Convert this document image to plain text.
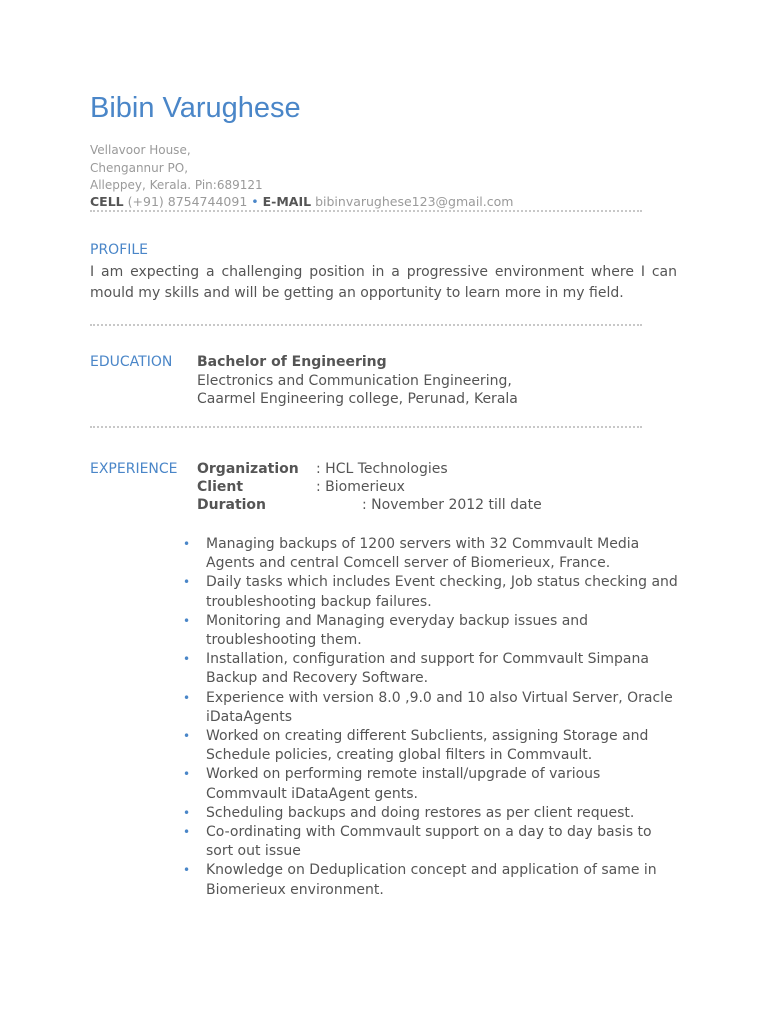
Bibin Varughese
Vellavoor House,
Chengannur PO,
Alleppey, Kerala. Pin:689121
CELL (+91) 8754744091 • E-MAIL bibinvarughese123@gmail.com
PROFILE

I am expecting a challenging position in a progressive environment where I can mould my skills and will be getting an opportunity to learn more in my field.

EDUCATION Bachelor of Engineering
Electronics and Communication Engineering,
Caarmel Engineering college, Perunad, Kerala
EXPERIENCE Organization : HCL Technologies
Client	: Biomerieux
Duration	: November 2012 till date
• Managing backups of 1200 servers with 32 Commvault Media Agents and central Comcell server of Biomerieux, France.
• Daily tasks which includes Event checking, Job status checking and troubleshooting backup failures.
• Monitoring and Managing everyday backup issues and troubleshooting them.
• Installation, configuration and support for Commvault Simpana Backup and Recovery Software.
• Experience with version 8.0 ,9.0 and 10 also Virtual Server, Oracle iDataAgents
• Worked on creating different Subclients, assigning Storage and Schedule policies, creating global filters in Commvault.
• Worked on performing remote install/upgrade of various Commvault iDataAgent gents.
• Scheduling backups and doing restores as per client request.
• Co-ordinating with Commvault support on a day to day basis to sort out issue
• Knowledge on Deduplication concept and application of same in Biomerieux environment.
